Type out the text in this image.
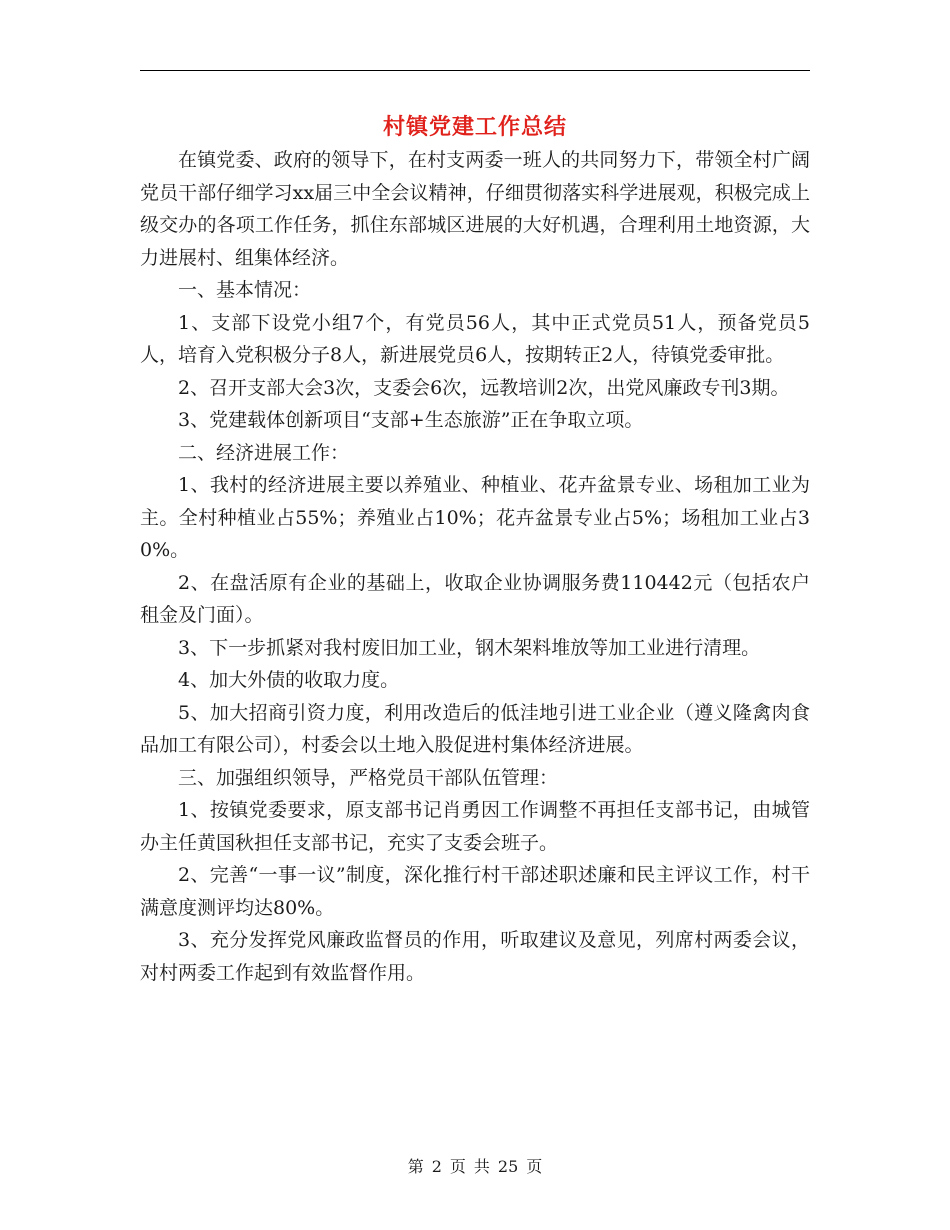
村镇党建工作总结

在镇党委、政府的领导下，在村支两委一班人的共同努力下，带领全村广阔党员干部仔细学习xx届三中全会议精神，仔细贯彻落实科学进展观，积极完成上级交办的各项工作任务，抓住东部城区进展的大好机遇，合理利用土地资源，大力进展村、组集体经济。

一、基本情况：

1、支部下设党小组7个，有党员56人，其中正式党员51人，预备党员5人，培育入党积极分子8人，新进展党员6人，按期转正2人，待镇党委审批。

2、召开支部大会3次，支委会6次，远教培训2次，出党风廉政专刊3期。

3、党建载体创新项目“支部+生态旅游”正在争取立项。

二、经济进展工作：

1、我村的经济进展主要以养殖业、种植业、花卉盆景专业、场租加工业为主。全村种植业占55%；养殖业占10%；花卉盆景专业占5%；场租加工业占30%。

2、在盘活原有企业的基础上，收取企业协调服务费110442元（包括农户租金及门面）。

3、下一步抓紧对我村废旧加工业，钢木架料堆放等加工业进行清理。

4、加大外债的收取力度。

5、加大招商引资力度，利用改造后的低洼地引进工业企业（遵义隆禽肉食品加工有限公司），村委会以土地入股促进村集体经济进展。

三、加强组织领导，严格党员干部队伍管理：

1、按镇党委要求，原支部书记肖勇因工作调整不再担任支部书记，由城管办主任黄国秋担任支部书记，充实了支委会班子。

2、完善“一事一议”制度，深化推行村干部述职述廉和民主评议工作，村干满意度测评均达80%。

3、充分发挥党风廉政监督员的作用，听取建议及意见，列席村两委会议，对村两委工作起到有效监督作用。

第 2 页 共 25 页
